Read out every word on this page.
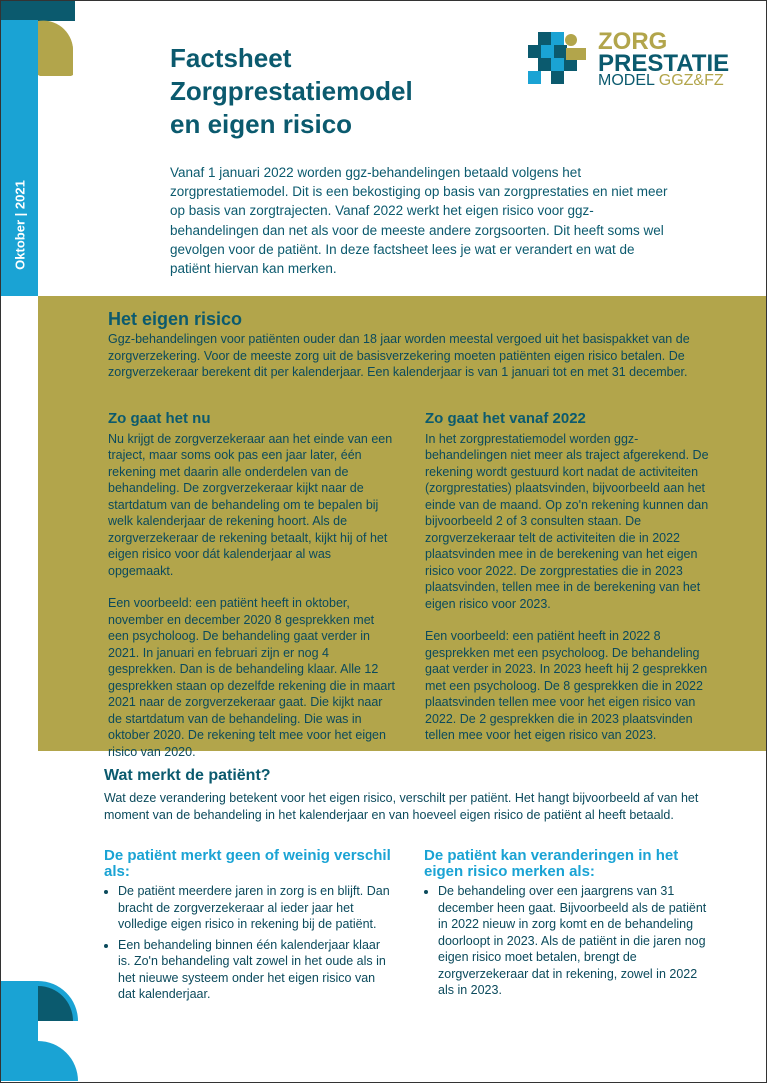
Oktober | 2021
Factsheet
Zorgprestatiemodel
en eigen risico
ZORG
PRESTATIE
MODEL GGZ&FZ

Vanaf 1 januari 2022 worden ggz-behandelingen betaald volgens het zorgprestatiemodel. Dit is een bekostiging op basis van zorgprestaties en niet meer op basis van zorgtrajecten. Vanaf 2022 werkt het eigen risico voor ggz-behandelingen dan net als voor de meeste andere zorgsoorten. Dit heeft soms wel gevolgen voor de patiënt. In deze factsheet lees je wat er verandert en wat de patiënt hiervan kan merken.

Het eigen risico

Ggz-behandelingen voor patiënten ouder dan 18 jaar worden meestal vergoed uit het basispakket van de zorgverzekering. Voor de meeste zorg uit de basisverzekering moeten patiënten eigen risico betalen. De zorgverzekeraar berekent dit per kalenderjaar. Een kalenderjaar is van 1 januari tot en met 31 december.

Zo gaat het nu

Nu krijgt de zorgverzekeraar aan het einde van een traject, maar soms ook pas een jaar later, één rekening met daarin alle onderdelen van de behandeling. De zorgverzekeraar kijkt naar de startdatum van de behandeling om te bepalen bij welk kalenderjaar de rekening hoort. Als de zorgverzekeraar de rekening betaalt, kijkt hij of het eigen risico voor dát kalenderjaar al was opgemaakt.

Een voorbeeld: een patiënt heeft in oktober, november en december 2020 8 gesprekken met een psycholoog. De behandeling gaat verder in 2021. In januari en februari zijn er nog 4 gesprekken. Dan is de behandeling klaar. Alle 12 gesprekken staan op dezelfde rekening die in maart 2021 naar de zorgverzekeraar gaat. Die kijkt naar de startdatum van de behandeling. Die was in oktober 2020. De rekening telt mee voor het eigen risico van 2020.

Zo gaat het vanaf 2022

In het zorgprestatiemodel worden ggz-behandelingen niet meer als traject afgerekend. De rekening wordt gestuurd kort nadat de activiteiten (zorgprestaties) plaatsvinden, bijvoorbeeld aan het einde van de maand. Op zo'n rekening kunnen dan bijvoorbeeld 2 of 3 consulten staan. De zorgverzekeraar telt de activiteiten die in 2022 plaatsvinden mee in de berekening van het eigen risico voor 2022. De zorgprestaties die in 2023 plaatsvinden, tellen mee in de berekening van het eigen risico voor 2023.

Een voorbeeld: een patiënt heeft in 2022 8 gesprekken met een psycholoog. De behandeling gaat verder in 2023. In 2023 heeft hij 2 gesprekken met een psycholoog. De 8 gesprekken die in 2022 plaatsvinden tellen mee voor het eigen risico van 2022. De 2 gesprekken die in 2023 plaatsvinden tellen mee voor het eigen risico van 2023.

Wat merkt de patiënt?

Wat deze verandering betekent voor het eigen risico, verschilt per patiënt. Het hangt bijvoorbeeld af van het moment van de behandeling in het kalenderjaar en van hoeveel eigen risico de patiënt al heeft betaald.

De patiënt merkt geen of weinig verschil als:
• De patiënt meerdere jaren in zorg is en blijft. Dan bracht de zorgverzekeraar al ieder jaar het volledige eigen risico in rekening bij de patiënt.
• Een behandeling binnen één kalenderjaar klaar is. Zo'n behandeling valt zowel in het oude als in het nieuwe systeem onder het eigen risico van dat kalenderjaar.
De patiënt kan veranderingen in het eigen risico merken als:
• De behandeling over een jaargrens van 31 december heen gaat. Bijvoorbeeld als de patiënt in 2022 nieuw in zorg komt en de behandeling doorloopt in 2023. Als de patiënt in die jaren nog eigen risico moet betalen, brengt de zorgverzekeraar dat in rekening, zowel in 2022 als in 2023.
